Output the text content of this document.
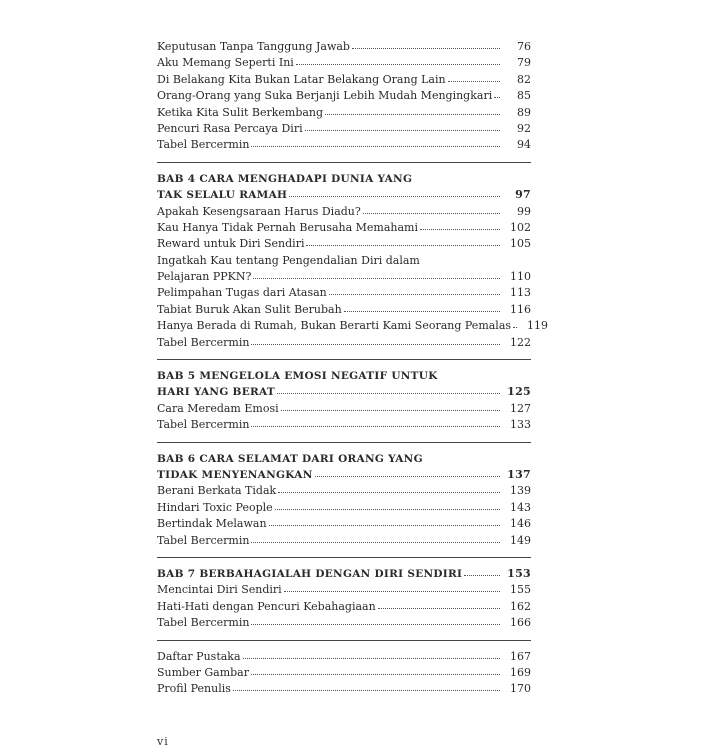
Keputusan Tanpa Tanggung Jawab	76
Aku Memang Seperti Ini	79
Di Belakang Kita Bukan Latar Belakang Orang Lain	82
Orang-Orang yang Suka Berjanji Lebih Mudah Mengingkari	85
Ketika Kita Sulit Berkembang	89
Pencuri Rasa Percaya Diri	92
Tabel Bercermin	94
BAB 4 CARA MENGHADAPI DUNIA YANG
TAK SELALU RAMAH	97
Apakah Kesengsaraan Harus Diadu?	99
Kau Hanya Tidak Pernah Berusaha Memahami	102
Reward untuk Diri Sendiri	105
Ingatkah Kau tentang Pengendalian Diri dalam
Pelajaran PPKN?	110
Pelimpahan Tugas dari Atasan	113
Tabiat Buruk Akan Sulit Berubah	116
Hanya Berada di Rumah, Bukan Berarti Kami Seorang Pemalas	119
Tabel Bercermin	122
BAB 5 MENGELOLA EMOSI NEGATIF UNTUK
HARI YANG BERAT	125
Cara Meredam Emosi	127
Tabel Bercermin	133
BAB 6 CARA SELAMAT DARI ORANG YANG
TIDAK MENYENANGKAN	137
Berani Berkata Tidak	139
Hindari Toxic People	143
Bertindak Melawan	146
Tabel Bercermin	149
BAB 7 BERBAHAGIALAH DENGAN DIRI SENDIRI	153
Mencintai Diri Sendiri	155
Hati-Hati dengan Pencuri Kebahagiaan	162
Tabel Bercermin	166
Daftar Pustaka	167
Sumber Gambar	169
Profil Penulis	170
vi
